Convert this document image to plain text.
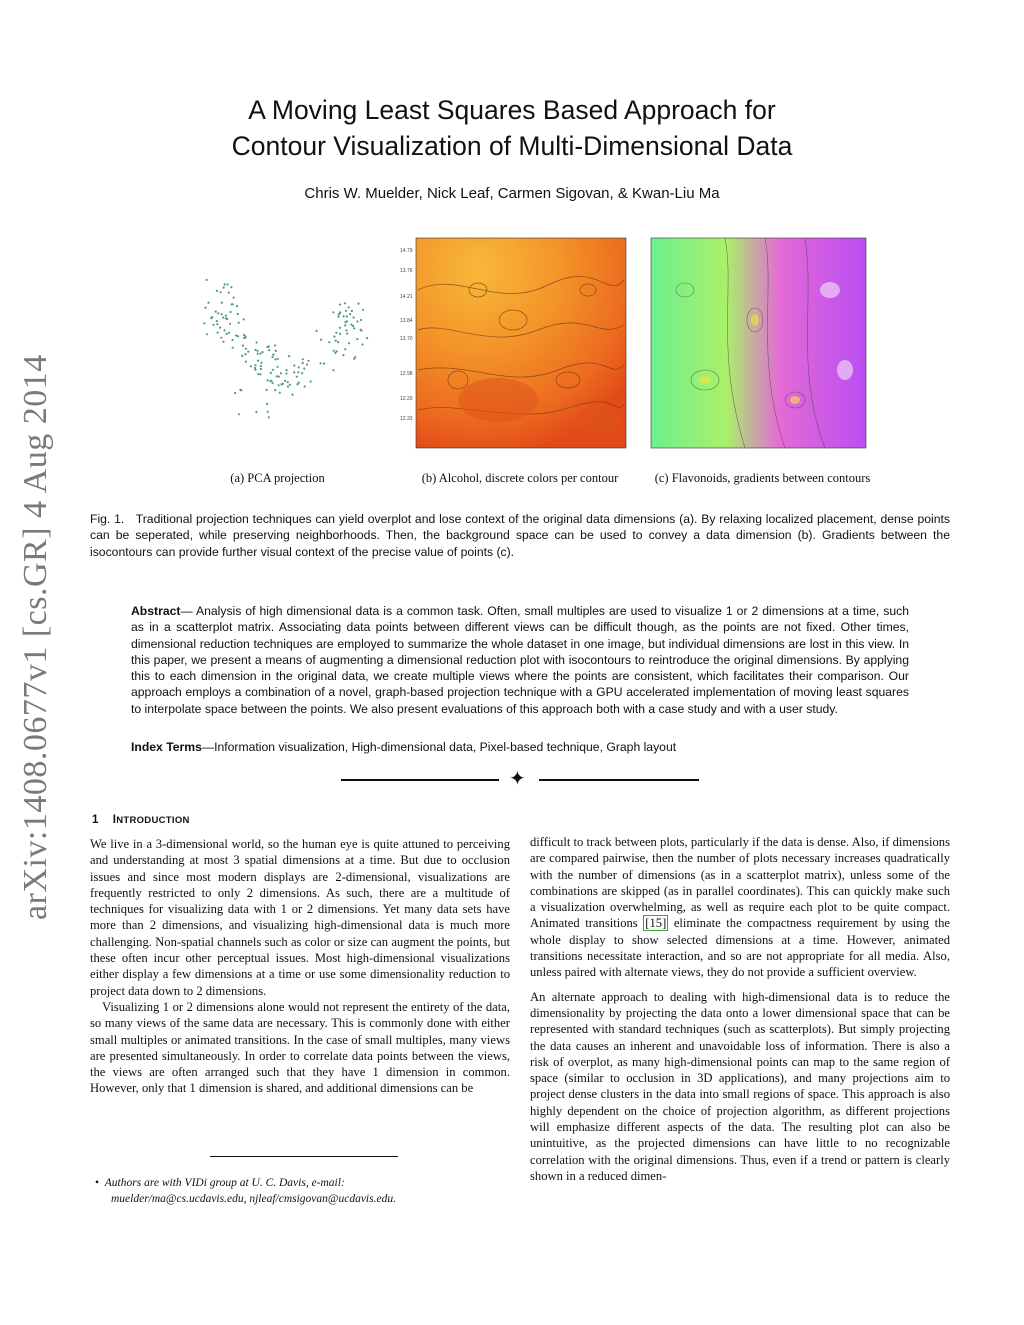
arXiv:1408.0677v1 [cs.GR] 4 Aug 2014
A Moving Least Squares Based Approach for
Contour Visualization of Multi-Dimensional Data
Chris W. Muelder, Nick Leaf, Carmen Sigovan, & Kwan-Liu Ma
14.79
13.76
14.21
13.84
13.70
12.98
12.20
12.33
(a) PCA projection	(b) Alcohol, discrete colors per contour	(c) Flavonoids, gradients between contours
Fig. 1. Traditional projection techniques can yield overplot and lose context of the original data dimensions (a). By relaxing localized placement, dense points can be seperated, while preserving neighborhoods. Then, the background space can be used to convey a data dimension (b). Gradients between the isocontours can provide further visual context of the precise value of points (c).
Abstract— Analysis of high dimensional data is a common task. Often, small multiples are used to visualize 1 or 2 dimensions at a time, such as in a scatterplot matrix. Associating data points between different views can be difficult though, as the points are not fixed. Other times, dimensional reduction techniques are employed to summarize the whole dataset in one image, but individual dimensions are lost in this view. In this paper, we present a means of augmenting a dimensional reduction plot with isocontours to reintroduce the original dimensions. By applying this to each dimension in the original data, we create multiple views where the points are consistent, which facilitates their comparison. Our approach employs a combination of a novel, graph-based projection technique with a GPU accelerated implementation of moving least squares to interpolate space between the points. We also present evaluations of this approach both with a case study and with a user study.
Index Terms—Information visualization, High-dimensional data, Pixel-based technique, Graph layout
✦
1 INTRODUCTION

We live in a 3-dimensional world, so the human eye is quite attuned to perceiving and understanding at most 3 spatial dimensions at a time. But due to occlusion issues and since most modern displays are 2-dimensional, visualizations are frequently restricted to only 2 dimensions. As such, there are a multitude of techniques for visualizing data with 1 or 2 dimensions. Yet many data sets have more than 2 dimensions, and visualizing high-dimensional data is much more challenging. Non-spatial channels such as color or size can augment the points, but these often incur other perceptual issues. Most high-dimensional visualizations either display a few dimensions at a time or use some dimensionality reduction to project data down to 2 dimensions.

Visualizing 1 or 2 dimensions alone would not represent the entirety of the data, so many views of the same data are necessary. This is commonly done with either small multiples or animated transitions. In the case of small multiples, many views are presented simultaneously. In order to correlate data points between the views, the views are often arranged such that they have 1 dimension in common. However, only that 1 dimension is shared, and additional dimensions can be

difficult to track between plots, particularly if the data is dense. Also, if dimensions are compared pairwise, then the number of plots necessary increases quadratically with the number of dimensions (as in a scatterplot matrix), unless some of the combinations are skipped (as in parallel coordinates). This can quickly make such a visualization overwhelming, as well as require each plot to be quite compact. Animated transitions [15] eliminate the compactness requirement by using the whole display to show selected dimensions at a time. However, animated transitions necessitate interaction, and so are not appropriate for all media. Also, unless paired with alternate views, they do not provide a sufficient overview.

An alternate approach to dealing with high-dimensional data is to reduce the dimensionality by projecting the data onto a lower dimensional space that can be represented with standard techniques (such as scatterplots). But simply projecting the data causes an inherent and unavoidable loss of information. There is also a risk of overplot, as many high-dimensional points can map to the same region of space (similar to occlusion in 3D applications), and many projections aim to project dense clusters in the data into small regions of space. This approach is also highly dependent on the choice of projection algorithm, as different projections will emphasize different aspects of the data. The resulting plot can also be unintuitive, as the projected dimensions can have little to no recognizable correlation with the original dimensions. Thus, even if a trend or pattern is clearly shown in a reduced dimen-

• Authors are with VIDi group at U. C. Davis, e-mail:
muelder/ma@cs.ucdavis.edu, njleaf/cmsigovan@ucdavis.edu.
